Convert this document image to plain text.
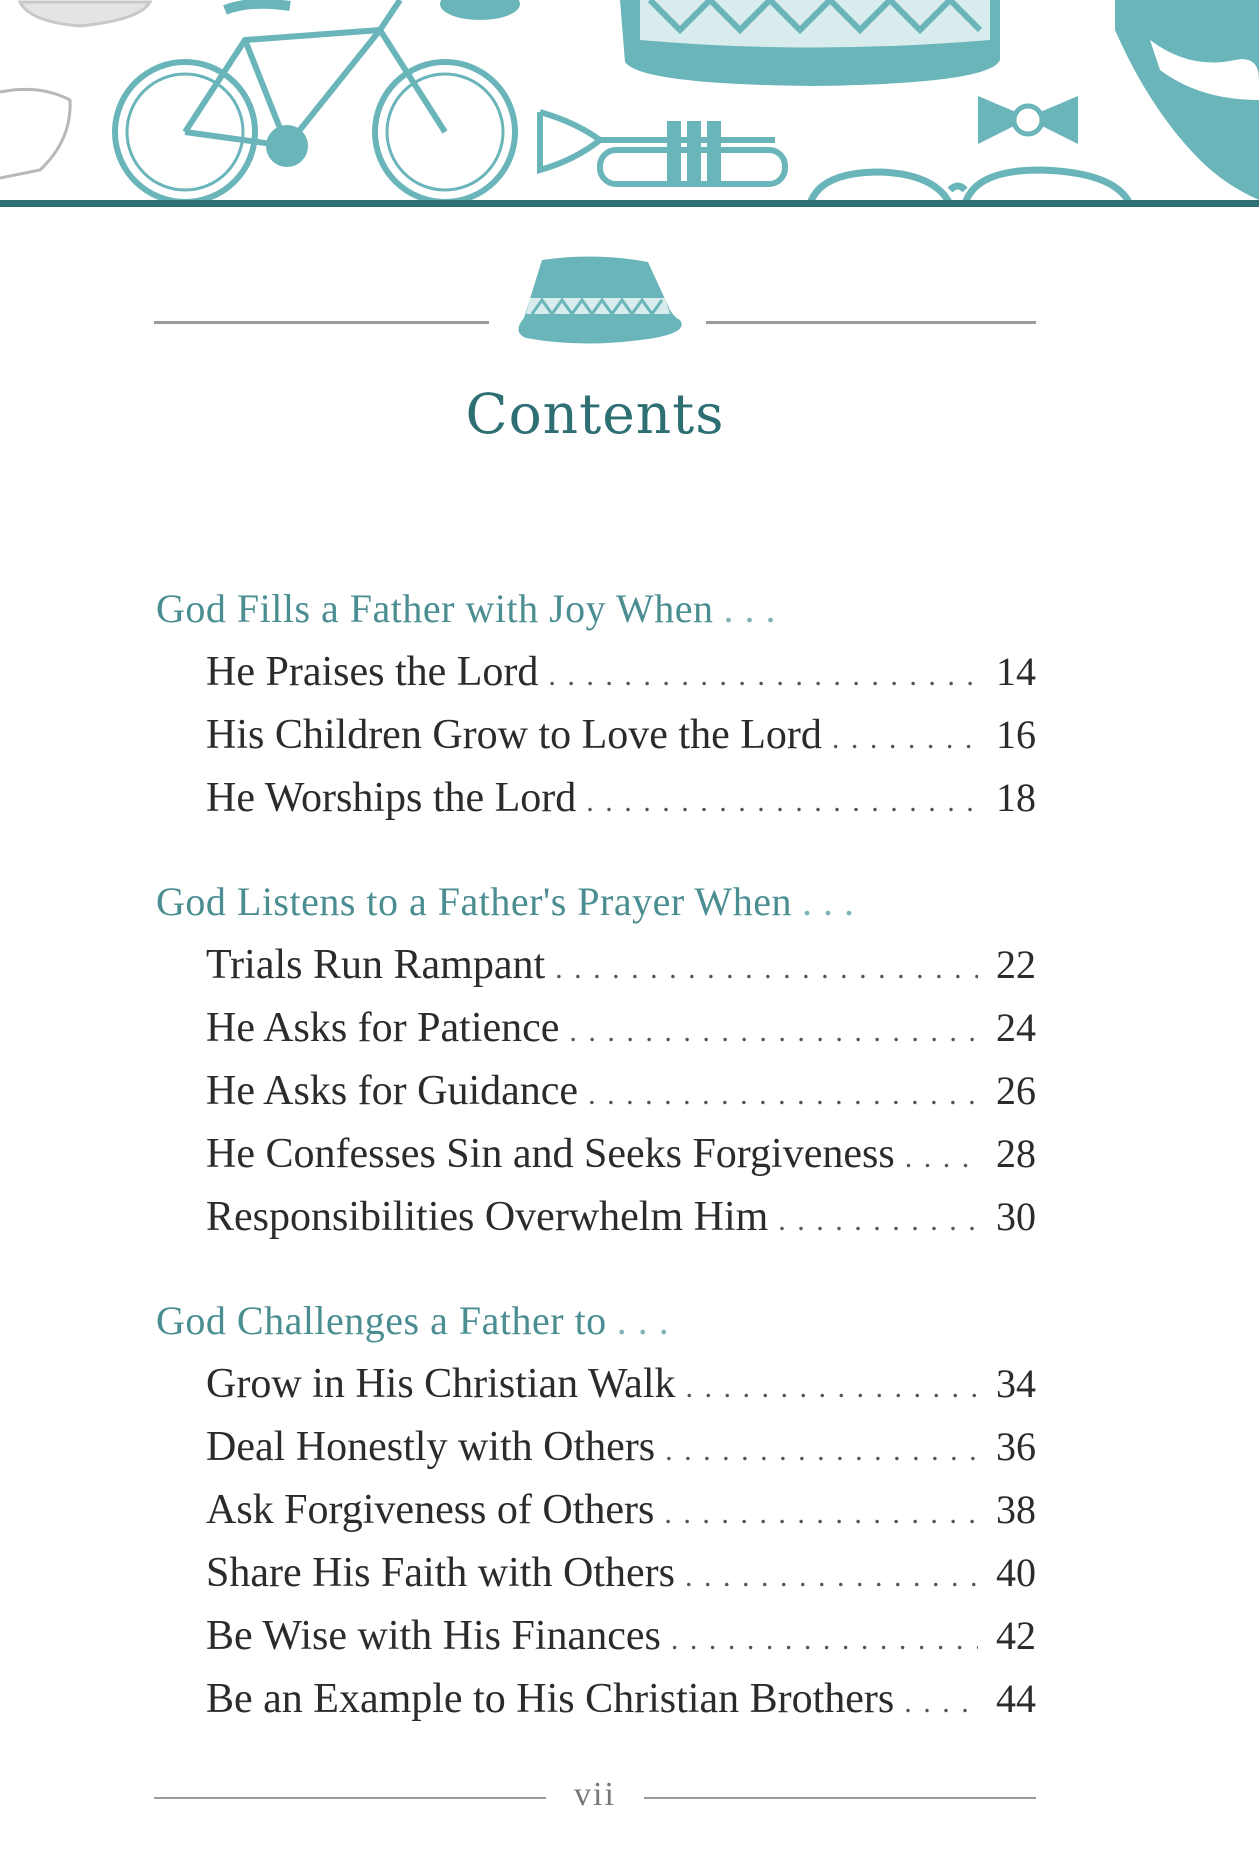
Contents
God Fills a Father with Joy When . . .
He Praises the Lord . . .	14
His Children Grow to Love the Lord . . .	16
He Worships the Lord . . .	18
God Listens to a Father's Prayer When . . .
Trials Run Rampant . . .	22
He Asks for Patience . . .	24
He Asks for Guidance . . .	26
He Confesses Sin and Seeks Forgiveness . . .	28
Responsibilities Overwhelm Him . . .	30
God Challenges a Father to . . .
Grow in His Christian Walk . . .	34
Deal Honestly with Others . . .	36
Ask Forgiveness of Others . . .	38
Share His Faith with Others . . .	40
Be Wise with His Finances . . .	42
Be an Example to His Christian Brothers . . .	44
vii
